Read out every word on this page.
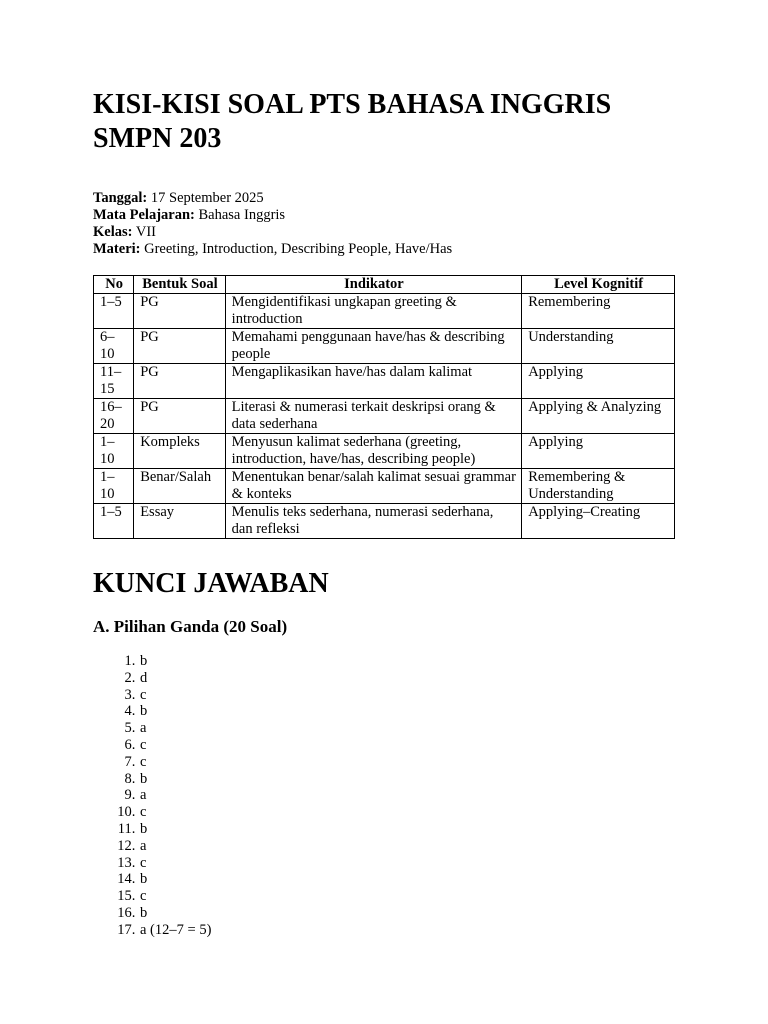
KISI-KISI SOAL PTS BAHASA INGGRIS SMPN 203
Tanggal: 17 September 2025
Mata Pelajaran: Bahasa Inggris
Kelas: VII
Materi: Greeting, Introduction, Describing People, Have/Has
No	Bentuk Soal	Indikator	Level Kognitif
1–5	PG	Mengidentifikasi ungkapan greeting & introduction	Remembering
6–10	PG	Memahami penggunaan have/has & describing people	Understanding
11–15	PG	Mengaplikasikan have/has dalam kalimat	Applying
16–20	PG	Literasi & numerasi terkait deskripsi orang & data sederhana	Applying & Analyzing
1–10	Kompleks	Menyusun kalimat sederhana (greeting, introduction, have/has, describing people)	Applying
1–10	Benar/Salah	Menentukan benar/salah kalimat sesuai grammar & konteks	Remembering & Understanding
1–5	Essay	Menulis teks sederhana, numerasi sederhana, dan refleksi	Applying–Creating
KUNCI JAWABAN
A. Pilihan Ganda (20 Soal)
1. b
2. d
3. c
4. b
5. a
6. c
7. c
8. b
9. a
10. c
11. b
12. a
13. c
14. b
15. c
16. b
17. a (12–7 = 5)
